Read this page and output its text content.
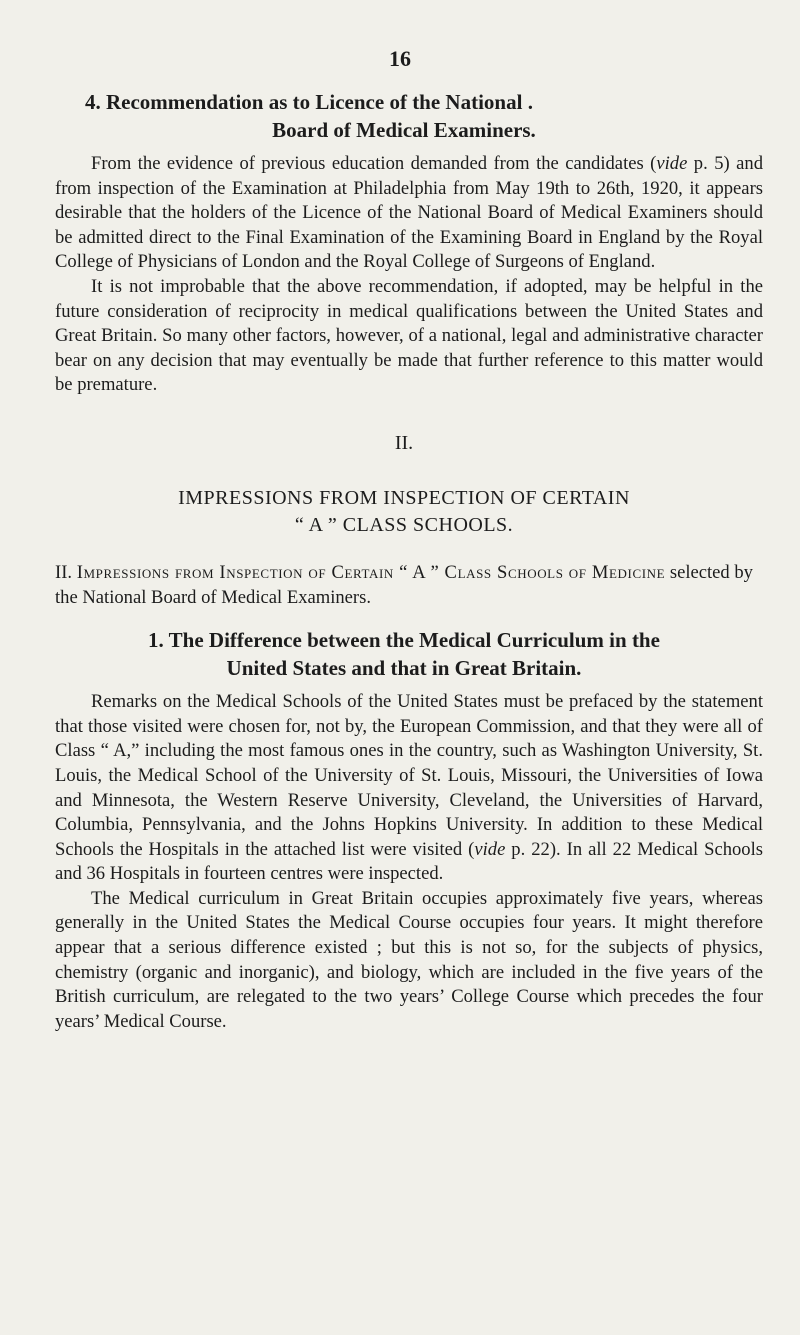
16
4. Recommendation as to Licence of the National .
Board of Medical Examiners.

From the evidence of previous education demanded from the candidates (vide p. 5) and from inspection of the Examination at Philadelphia from May 19th to 26th, 1920, it appears desirable that the holders of the Licence of the National Board of Medical Examiners should be admitted direct to the Final Examination of the Examining Board in England by the Royal College of Physicians of London and the Royal College of Surgeons of England.

It is not improbable that the above recommendation, if adopted, may be helpful in the future consideration of reciprocity in medical qualifications between the United States and Great Britain. So many other factors, however, of a national, legal and administrative character bear on any decision that may eventually be made that further reference to this matter would be premature.

II.
IMPRESSIONS FROM INSPECTION OF CERTAIN
“ A ” CLASS SCHOOLS.

II. Impressions from Inspection of Certain “ A ” Class Schools of Medicine selected by the National Board of Medical Examiners.

1. The Difference between the Medical Curriculum in the
United States and that in Great Britain.

Remarks on the Medical Schools of the United States must be prefaced by the statement that those visited were chosen for, not by, the European Commission, and that they were all of Class “ A,” including the most famous ones in the country, such as Washington University, St. Louis, the Medical School of the University of St. Louis, Missouri, the Universities of Iowa and Minnesota, the Western Reserve University, Cleveland, the Universities of Harvard, Columbia, Pennsylvania, and the Johns Hopkins University. In addition to these Medical Schools the Hospitals in the attached list were visited (vide p. 22). In all 22 Medical Schools and 36 Hospitals in fourteen centres were inspected.

The Medical curriculum in Great Britain occupies approximately five years, whereas generally in the United States the Medical Course occupies four years. It might therefore appear that a serious difference existed ; but this is not so, for the subjects of physics, chemistry (organic and inorganic), and biology, which are included in the five years of the British curriculum, are relegated to the two years’ College Course which precedes the four years’ Medical Course.
